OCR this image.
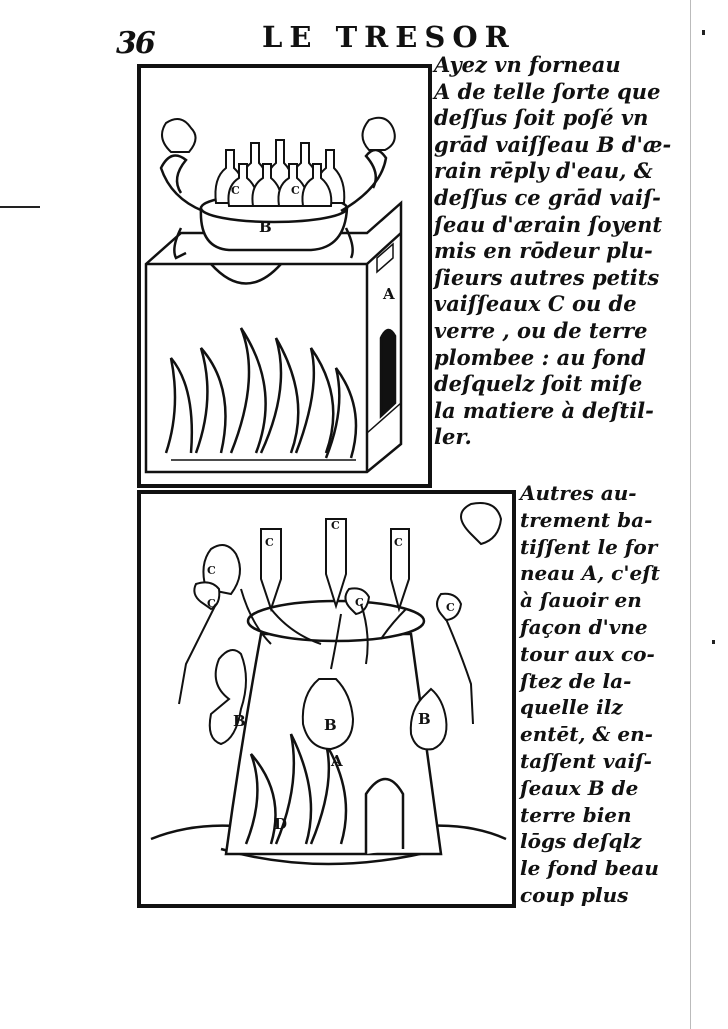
36	LE TRESOR
B
A
C	C
Ayez vn forneau
A de telle ſorte que
deſſus ſoit poſé vn
grād vaiſſeau B d'æ-
rain rēply d'eau, &
deſſus ce grād vaiſ-
ſeau d'ærain ſoyent
mis en rōdeur plu-
ſieurs autres petits
vaiſſeaux C ou de
verre , ou de terre
plombee : au fond
deſquelz ſoit miſe
la matiere à deſtil-
ler.
A
B	B	B
D
C
C
C
C
C	C
C
Autres au-
trement ba-
tiſſent le for
neau A, c'eſt
à ſauoir en
façon d'vne
tour aux co-
ſtez de la-
quelle ilz
entēt, & en-
taſſent vaiſ-
ſeaux B de
terre bien
lōgs deſqlz
le fond beau
coup plus
